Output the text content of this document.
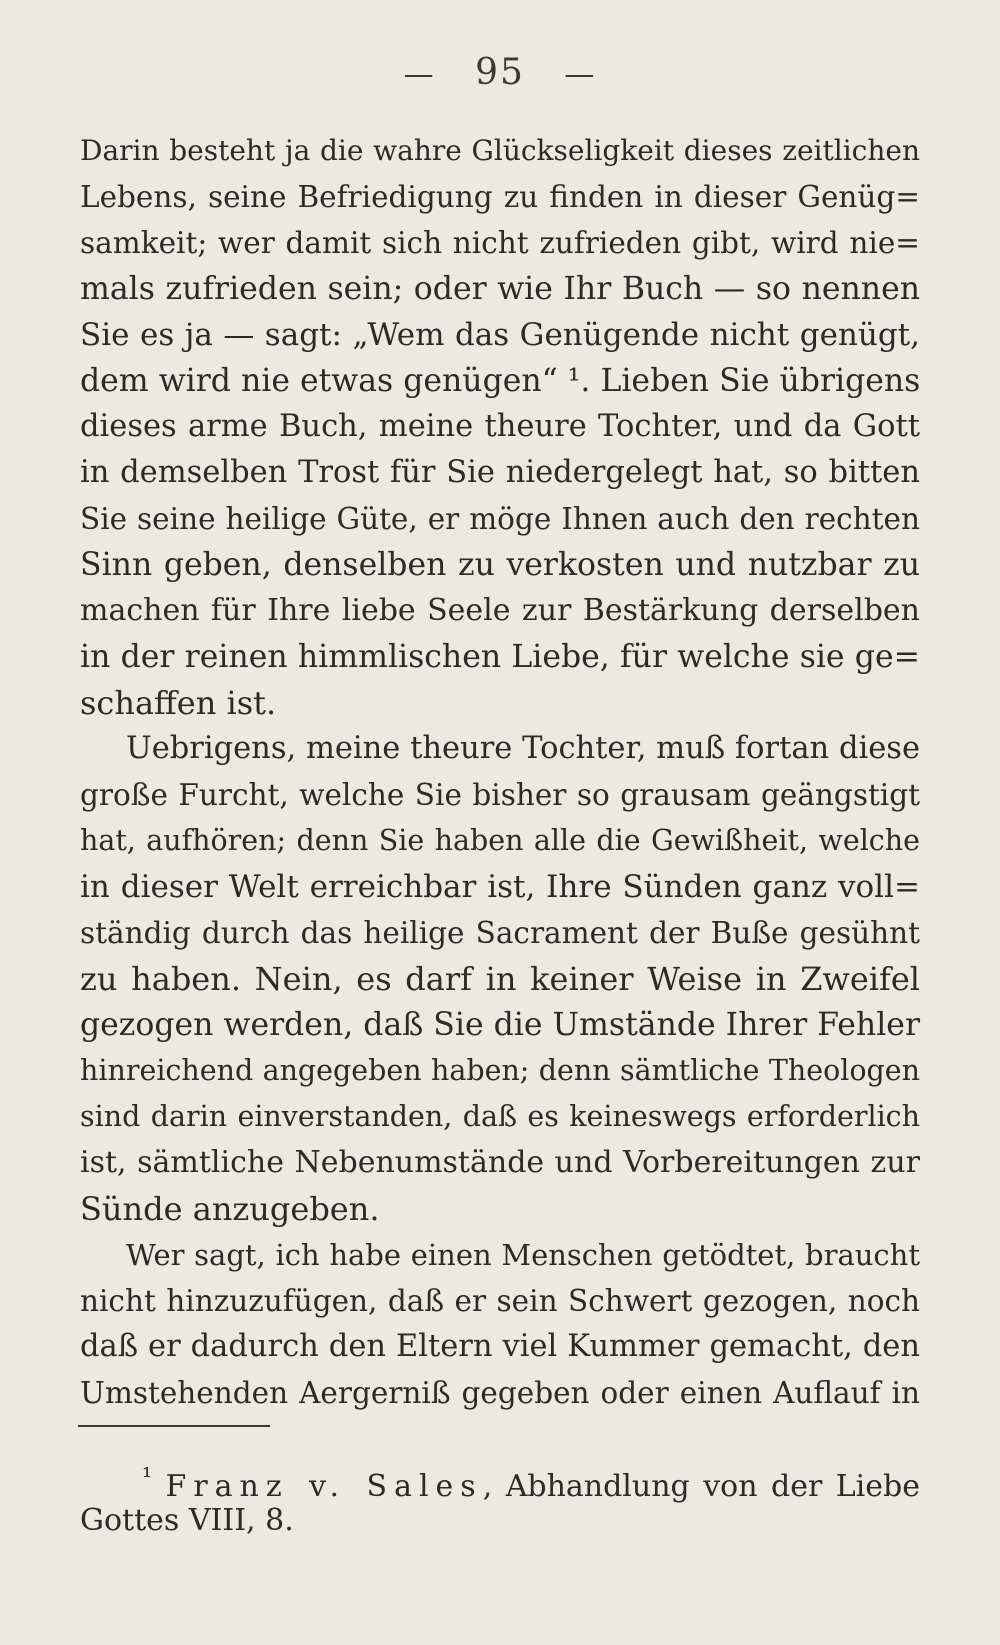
— 95 —
Darin besteht ja die wahre Glückseligkeit dieses zeitlichen
Lebens, seine Befriedigung zu finden in dieser Genüg=
samkeit; wer damit sich nicht zufrieden gibt, wird nie=
mals zufrieden sein; oder wie Ihr Buch — so nennen
Sie es ja — sagt: „Wem das Genügende nicht genügt,
dem wird nie etwas genügen“ ¹. Lieben Sie übrigens
dieses arme Buch, meine theure Tochter, und da Gott
in demselben Trost für Sie niedergelegt hat, so bitten
Sie seine heilige Güte, er möge Ihnen auch den rechten
Sinn geben, denselben zu verkosten und nutzbar zu
machen für Ihre liebe Seele zur Bestärkung derselben
in der reinen himmlischen Liebe, für welche sie ge=
schaffen ist.
Uebrigens, meine theure Tochter, muß fortan diese
große Furcht, welche Sie bisher so grausam geängstigt
hat, aufhören; denn Sie haben alle die Gewißheit, welche
in dieser Welt erreichbar ist, Ihre Sünden ganz voll=
ständig durch das heilige Sacrament der Buße gesühnt
zu haben. Nein, es darf in keiner Weise in Zweifel
gezogen werden, daß Sie die Umstände Ihrer Fehler
hinreichend angegeben haben; denn sämtliche Theologen
sind darin einverstanden, daß es keineswegs erforderlich
ist, sämtliche Nebenumstände und Vorbereitungen zur
Sünde anzugeben.
Wer sagt, ich habe einen Menschen getödtet, braucht
nicht hinzuzufügen, daß er sein Schwert gezogen, noch
daß er dadurch den Eltern viel Kummer gemacht, den
Umstehenden Aergerniß gegeben oder einen Auflauf in
$^{^1}$ Franz v. Sales, Abhandlung von der Liebe
Gottes VIII, 8.
